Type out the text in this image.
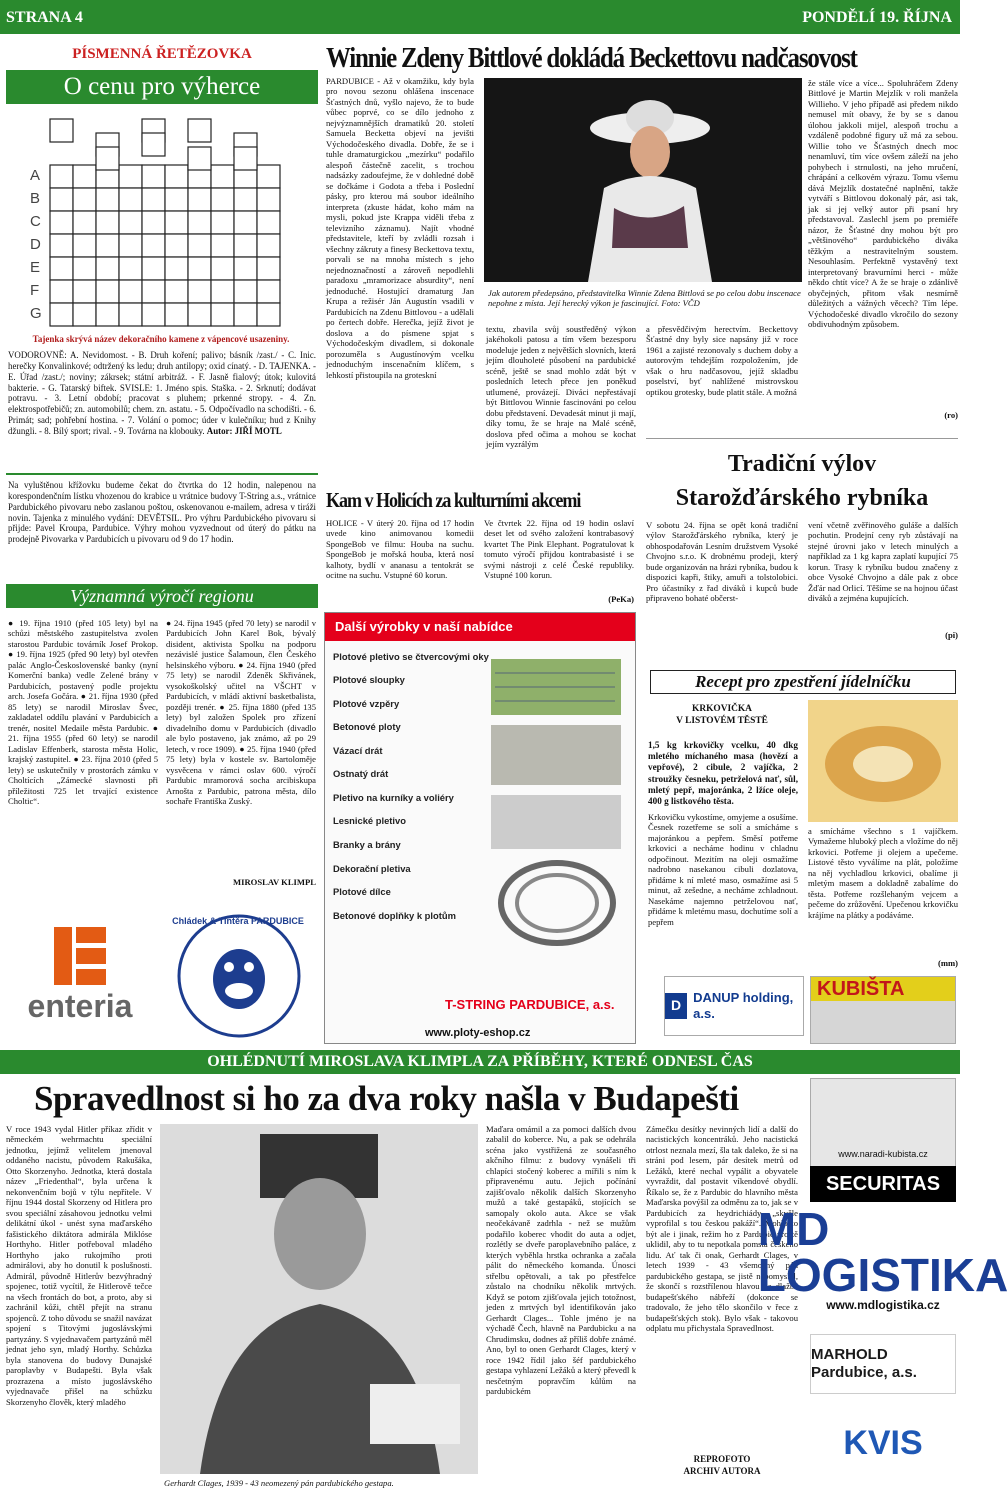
STRANA 4	PONDĚLÍ 19. ŘÍJNA
PÍSMENNÁ ŘETĚZOVKA
O cenu pro výherce
A
B
C
D
E
F
G
Tajenka skrývá název dekoračního kamene z vápencové usazeniny.
VODOROVNĚ: A. Nevidomost. - B. Druh koření; palivo; básník /zast./ - C. Inic. herečky Konvalinkové; odtržený ks ledu; druh antilopy; oxid cínatý. - D. TAJENKA. - E. Úřad /zast./; noviny; zákrsek; státní arbitráž. - F. Jasně fialový; útok; kulovitá bakterie. - G. Tatarský biftek. SVISLE: 1. Jméno spis. Staška. - 2. Srknutí; dodávat potravu. - 3. Letní období; pracovat s pluhem; prkenné stropy. - 4. Zn. elektrospotřebičů; zn. automobilů; chem. zn. astatu. - 5. Odpočívadlo na schodišti. - 6. Primát; sad; pohřební hostina. - 7. Volání o pomoc; úder v kulečníku; hud z Knihy džungli. - 8. Bílý sport; rival. - 9. Továrna na klobouky. Autor: JIŘÍ MOTL
Na vyluštěnou křížovku budeme čekat do čtvrtka do 12 hodin, nalepenou na korespondenčním lístku vhozenou do krabice u vrátnice budovy T-String a.s., vrátnice Pardubického pivovaru nebo zaslanou poštou, oskenovanou e-mailem, adresa v tiráži novin. Tajenka z minulého vydání: DEVĚTSIL. Pro výhru Pardubického pivovaru si přijde: Pavel Kroupa, Pardubice. Výhry mohou vyzvednout od úterý do pátku na prodejně Pivovarka v Pardubicích u pivovaru od 9 do 17 hodin.
Významná výročí regionu
● 19. října 1910 (před 105 lety) byl na schůzi městského zastupitelstva zvolen starostou Pardubic továrník Josef Prokop. ● 19. října 1925 (před 90 lety) byl otevřen palác Anglo-Československé banky (nyní Komerční banka) vedle Zelené brány v Pardubicích, postavený podle projektu arch. Josefa Gočára. ● 21. října 1930 (před 85 lety) se narodil Miroslav Švec, zakladatel oddílu plavání v Pardubicích a trenér, nositel Medaile města Pardubic. ● 21. října 1955 (před 60 lety) se narodil Ladislav Effenberk, starosta města Holic, krajský zastupitel. ● 23. října 2010 (před 5 lety) se uskutečnily v prostorách zámku v Choltících „Zámecké slavnosti při příležitosti 725 let trvající existence Choltic“.
● 24. října 1945 (před 70 lety) se narodil v Pardubicích John Karel Bok, bývalý disident, aktivista Spolku na podporu nezávislé justice Šalamoun, člen Českého helsinského výboru. ● 24. října 1940 (před 75 lety) se narodil Zdeněk Skřivánek, vysokoškolský učitel na VŠCHT v Pardubicích, v mládí aktivní basketbalista, později trenér. ● 25. října 1880 (před 135 lety) byl založen Spolek pro zřízení divadelního domu v Pardubicích (divadlo ale bylo postaveno, jak známo, až po 29 letech, v roce 1909). ● 25. října 1940 (před 75 lety) byla v kostele sv. Bartoloměje vysvěcena v rámci oslav 600. výročí Pardubic mramorová socha arcibiskupa Arnošta z Pardubic, patrona města, dílo sochaře Františka Zuský.
MIROSLAV KLIMPL
enteria
Chládek & Tintěra PARDUBICE
Winnie Zdeny Bittlové dokládá Beckettovu nadčasovost
PARDUBICE - Až v okamžiku, kdy byla pro novou sezonu ohlášena inscenace Šťastných dnů, vyšlo najevo, že to bude vůbec poprvé, co se dílo jednoho z nejvýznamnějších dramatiků 20. století Samuela Becketta objeví na jevišti Východočeského divadla. Dobře, že se i tuhle dramaturgickou „mezírku“ podařilo alespoň částečně zacelit, s trochou nadsázky zadoufejme, že v dohledné době se dočkáme i Godota a třeba i Poslední pásky, pro kterou má soubor ideálního interpreta (zkuste hádat, koho mám na mysli, pokud jste Krappa viděli třeba z televizního záznamu). Najít vhodné představitele, kteří by zvládli rozsah i všechny zákruty a finesy Beckettova textu, porvali se na mnoha místech s jeho nejednoznačností a zároveň nepodlehli paradoxu „mramorizace absurdity“, není jednoduché. Hostující dramaturg Jan Krupa a režisér Ján Augustín vsadili v Pardubicích na Zdenu Bittlovou - a udělali po čertech dobře. Herečka, jejíž život je doslova a do písmene spjat s Východočeským divadlem, si dokonale porozuměla s Augustínovým vcelku jednoduchým inscenačním klíčem, s lehkostí přistoupila na groteskní
Jak autorem předepsáno, představitelka Winnie Zdena Bittlová se po celou dobu inscenace nepohne z místa. Její herecký výkon je fascinující. Foto: VČD
textu, zbavila svůj soustředěný výkon jakéhokoli patosu a tím všem bezesporu modeluje jeden z největších slovních, která jejím dlouholeté působení na pardubické scéně, ještě se snad mohlo zdát být v posledních letech přece jen poněkud utlumené, provázejí. Diváci nepřestávají být Bittlovou Winnie fascinováni po celou dobu představení. Devadesát minut ji mají, díky tomu, že se hraje na Malé scéně, doslova před očima a mohou se kochat jejím vyzrálým
a přesvědčivým herectvím. Beckettovy Šťastné dny byly sice napsány již v roce 1961 a zajisté rezonovaly s duchem doby a autorovým tehdejším rozpoložením, jde však o hru nadčasovou, jejíž skladbu poselství, byť nahlížené mistrovskou optikou grotesky, bude platit stále. A možná
že stále více a více... Spoluhráčem Zdeny Bittlové je Martin Mejzlík v roli manžela Willieho. V jeho případě asi předem nikdo nemusel mít obavy, že by se s danou úlohou jakkoli mijel, alespoň trochu a vzdáleně podobné figury už má za sebou. Willie toho ve Šťastných dnech moc nenamluví, tím více ovšem záleží na jeho pohybech i strnulosti, na jeho mručení, chrápání a celkovém výrazu. Tomu všemu dává Mejzlík dostatečné naplnění, takže vytváří s Bittlovou dokonalý pár, asi tak, jak si jej velký autor při psaní hry představoval. Zaslechl jsem po premiéře názor, že Šťastné dny mohou být pro „většinového“ pardubického diváka těžkým a nestravitelným soustem. Nesouhlasím. Perfektně vystavěný text interpretovaný bravurními herci - může někdo chtít více? A že se hraje o zdánlivě obyčejných, přitom však nesmírně důležitých a vážných věcech? Tím lépe. Východočeské divadlo vkročilo do sezony obdivuhodným způsobem.
(ro)
Kam v Holicích za kulturními akcemi
HOLICE - V úterý 20. října od 17 hodin uvede kino animovanou komedii SpongeBob ve filmu: Houba na suchu. SpongeBob je mořská houba, která nosí kalhoty, bydlí v ananasu a tentokrát se ocitne na suchu. Vstupné 60 korun.
Ve čtvrtek 22. října od 19 hodin oslaví deset let od svého založení kontrabasový kvartet The Pink Elephant. Pogratulovat k tomuto výročí přijdou kontrabasisté i se svými nástroji z celé České republiky. Vstupné 100 korun.
(PeKa)
Další výrobky v naší nabídce
Plotové pletivo se čtvercovými oky
Plotové sloupky
Plotové vzpěry
Betonové ploty
Vázací drát
Ostnatý drát
Pletivo na kurníky a voliéry
Lesnické pletivo
Branky a brány
Dekorační pletiva
Plotové dílce
Betonové doplňky k plotům
T-STRING PARDUBICE, a.s.
www.ploty-eshop.cz
Tradiční výlov
Starožďárského rybníka
V sobotu 24. října se opět koná tradiční výlov Starožďárského rybníka, který je obhospodařován Lesním družstvem Vysoké Chvojno s.r.o. K drobnému prodeji, který bude organizován na hrázi rybníka, budou k dispozici kapři, štiky, amuři a tolstolobici. Pro účastníky z řad diváků i kupců bude připraveno bohaté občerst-
vení včetně zvěřinového guláše a dalších pochutin. Prodejní ceny ryb zůstávají na stejné úrovni jako v letech minulých a například za 1 kg kapra zaplatí kupující 75 korun. Trasy k rybníku budou značeny z obce Vysoké Chvojno a dále pak z obce Žďár nad Orlicí. Těšíme se na hojnou účast diváků a zejména kupujících.
(pi)
Recept pro zpestření jídelníčku
KRKOVIČKA
V LISTOVÉM TĚSTĚ
1,5 kg krkovičky vcelku, 40 dkg mletého míchaného masa (hovězí a vepřové), 2 cibule, 2 vajíčka, 2 stroužky česneku, petrželová nať, sůl, mletý pepř, majoránka, 2 lžíce oleje, 400 g listkového těsta.
Krkovičku vykostíme, omyjeme a osušíme. Česnek rozetřeme se solí a smícháme s majoránkou a pepřem. Směsí potřeme krkovici a necháme hodinu v chladnu odpočinout. Mezitím na oleji osmažíme nadrobno nasekanou cibuli dozlatova, přidáme k ní mleté maso, osmažíme asi 5 minut, až zešedne, a necháme zchladnout. Nasekáme najemno petrželovou nať, přidáme k mletému masu, dochutíme solí a pepřem
a smícháme všechno s 1 vajíčkem. Vymažeme hluboký plech a vložíme do něj krkovici. Potřeme ji olejem a upečeme. Listové těsto vyválíme na plát, položíme na něj vychladlou krkovici, obalíme ji mletým masem a dokladně zabalíme do těsta. Potřeme rozšlehaným vejcem a pečeme do zrůžovění. Upečenou krkovičku krájíme na plátky a podáváme.
(mm)
D DANUP holding, a.s.
KUBIŠTA
OHLÉDNUTÍ MIROSLAVA KLIMPLA ZA PŘÍBĚHY, KTERÉ ODNESL ČAS
Spravedlnost si ho za dva roky našla v Budapešti
V roce 1943 vydal Hitler příkaz zřídit v německém wehrmachtu speciální jednotku, jejímž velitelem jmenoval oddaného nacistu, původem Rakušáka, Otto Skorzenyho. Jednotka, která dostala název „Friedenthal“, byla určena k nekonvenčním bojů v týlu nepřítele. V říjnu 1944 dostal Skorzeny od Hitlera pro svou speciální zásahovou jednotku velmi delikátní úkol - unést syna maďarského fašistického diktátora admirála Miklóse Horthyho. Hitler potřeboval mladého Horthyho jako rukojmího proti admirálovi, aby ho donutil k poslušnosti. Admirál, původně Hitlerův bezvýhradný spojenec, totiž vycítil, že Hitlerově tečce na všech frontách do bot, a proto, aby si zachránil kůži, chtěl přejít na stranu spojenců. Z toho důvodu se snažil navázat spojení s Titovými jugoslávskými partyzány. S vyjednavačem partyzánů měl jednat jeho syn, mladý Horthy. Schůzka byla stanovena do budovy Dunajské paroplavby v Budapešti. Byla však prozrazena a místo jugoslávského vyjednavače přišel na schůzku Skorzenyho člověk, který mladého
Gerhardt Clages, 1939 - 43 neomezený pán pardubického gestapa.
Maďara omámil a za pomoci dalších dvou zabalil do koberce. Nu, a pak se odehrála scéna jako vystřižená ze současného akčního filmu: z budovy vynášeli tři chlapíci stočený koberec a mířili s ním k připravenému autu. Jejich počínání zajišťovalo několik dalších Skorzenyho mužů a také gestapáků, stojících se samopaly okolo auta. Akce se však neočekávaně zadrhla - než se mužům podařilo koberec vhodit do auta a odjet, rozlétly se dveře paroplavebního paláce, z kterých vyběhla hrstka ochranka a začala pálit do německého komanda. Únosci střelbu opětovali, a tak po přestřelce zůstalo na chodníku několik mrtvých. Když se potom zjišťovala jejich totožnost, jeden z mrtvých byl identifikován jako Gerhardt Clages... Tohle jméno je na výchadě Čech, hlavně na Pardubicku a na Chrudimsku, dodnes až příliš dobře známé. Ano, byl to onen Gerhardt Clages, který v roce 1942 řídil jako šéf pardubického gestapa vyhlazení Ležáků a který převedl k nesčetným popravčím kůlům na pardubickém
Zámečku desítky nevinných lidí a další do nacistických koncentráků. Jeho nacistická otrlost neznala mezí, šla tak daleko, že si na stráni pod lesem, pár desítek metrů od Ležáků, které nechal vypálit a obyvatele vyvraždit, dal postavit víkendové obydlí. Říkalo se, že z Pardubic do hlavního města Maďarska povýšil za odměnu za to, jak se v Pardubicích za heydrichiády „skvěle vyprofilal s tou českou pakáží“. Mohlo to být ale i jinak, režim ho z Pardubic prostě uklidil, aby to tu nepotkala pomsta českého lidu. Ať tak či onak, Gerhardt Clages, v letech 1939 - 43 všemocný pán pardubického gestapa, se jistě nepomyslel, že skončí s rozstřílenou hlavou na dlažbě budapešťského nábřeží (dokonce se tradovalo, že jeho tělo skončilo v řece z budapešťských stok). Bylo však - takovou odplatu mu přichystala Spravedlnost.
REPROFOTO
ARCHIV AUTORA
www.naradi-kubista.cz
SECURITAS
MD LOGISTIKA
www.mdlogistika.cz
MARHOLD Pardubice, a.s.
KVIS
